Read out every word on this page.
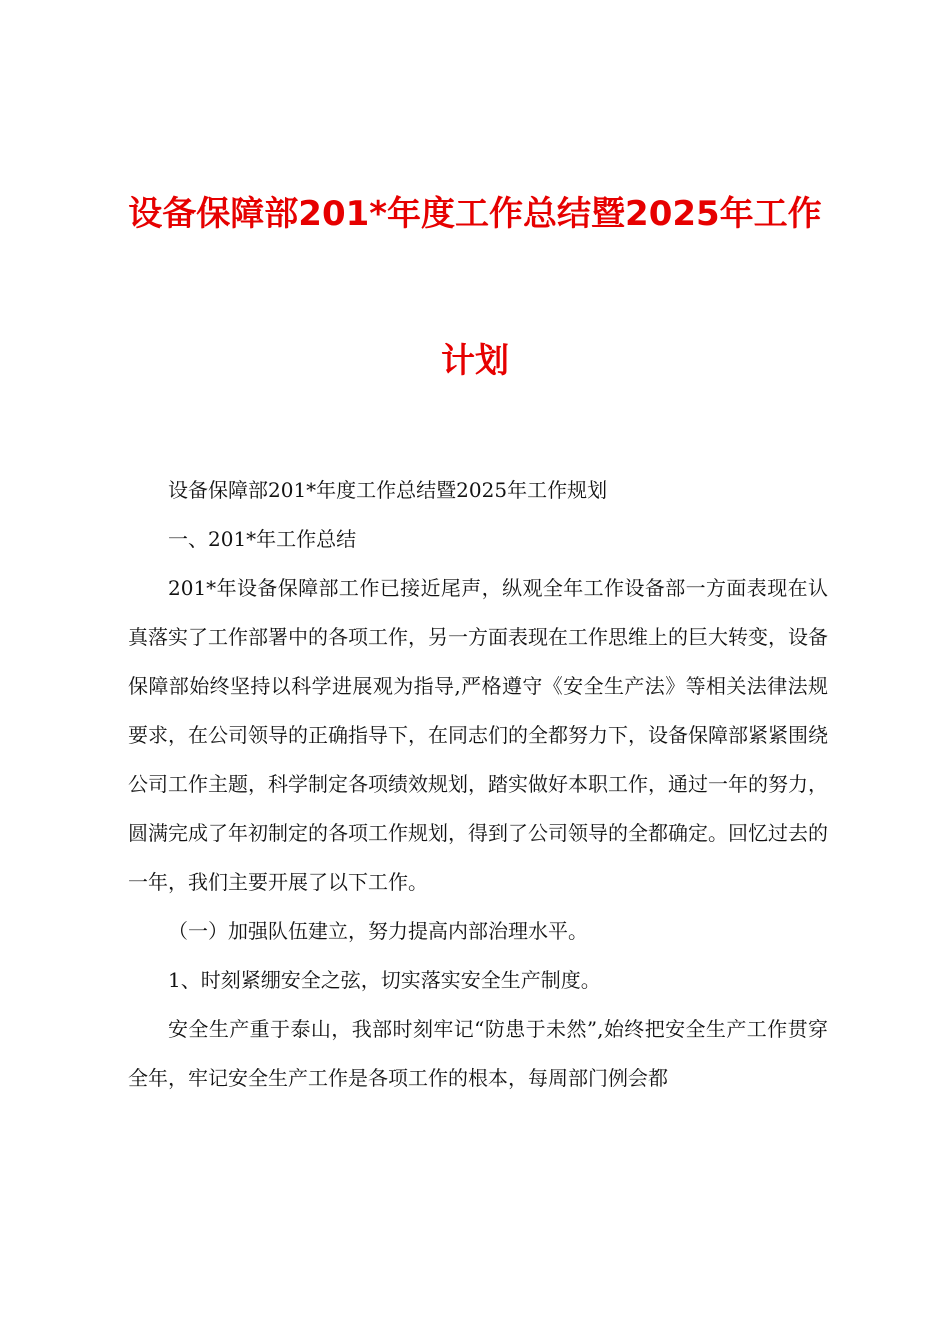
设备保障部201*年度工作总结暨2025年工作
计划

设备保障部201*年度工作总结暨2025年工作规划

一、201*年工作总结

201*年设备保障部工作已接近尾声，纵观全年工作设备部一方面表现在认真落实了工作部署中的各项工作，另一方面表现在工作思维上的巨大转变，设备保障部始终坚持以科学进展观为指导,严格遵守《安全生产法》等相关法律法规要求，在公司领导的正确指导下，在同志们的全都努力下，设备保障部紧紧围绕公司工作主题，科学制定各项绩效规划，踏实做好本职工作，通过一年的努力，圆满完成了年初制定的各项工作规划，得到了公司领导的全都确定。回忆过去的一年，我们主要开展了以下工作。

（一）加强队伍建立，努力提高内部治理水平。

1、时刻紧绷安全之弦，切实落实安全生产制度。

安全生产重于泰山，我部时刻牢记“防患于未然”,始终把安全生产工作贯穿全年，牢记安全生产工作是各项工作的根本，每周部门例会都
